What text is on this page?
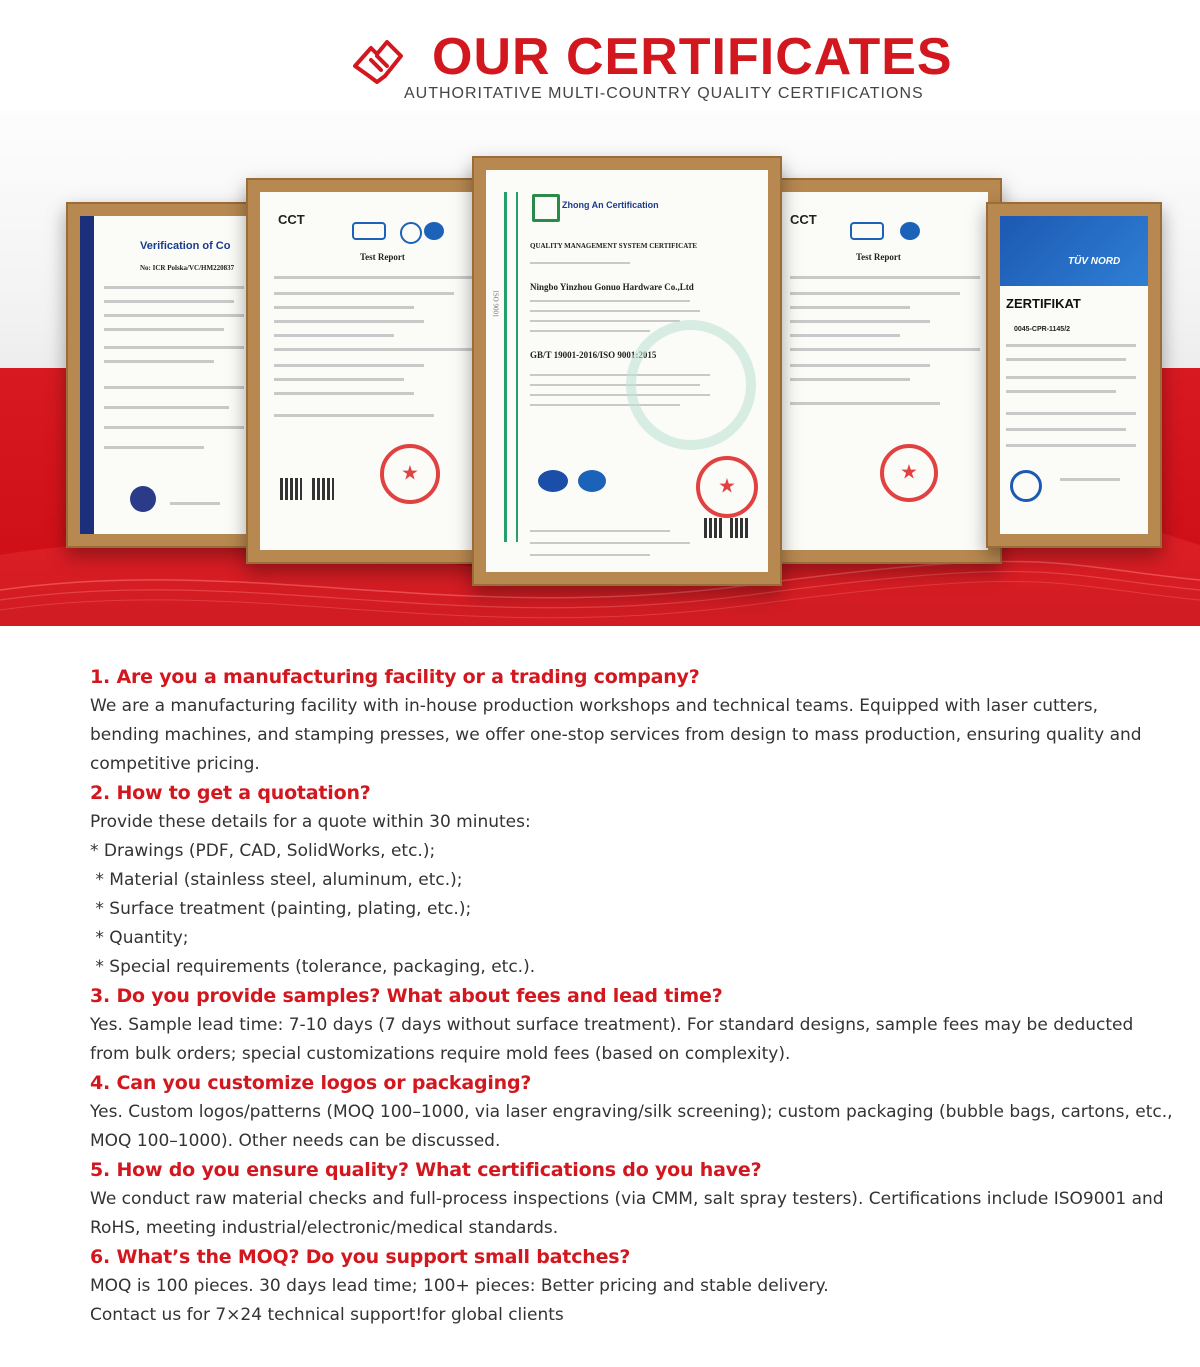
OUR CERTIFICATES
AUTHORITATIVE MULTI-COUNTRY QUALITY CERTIFICATIONS
Verification of Co
No: ICR Polska/VC/HM220837
CCT
Test Report
★
CCT
Test Report
★	TÜV NORD
ZERTIFIKAT
0045-CPR-1145/2
Zhong An Certification
QUALITY MANAGEMENT SYSTEM CERTIFICATE
Ningbo Yinzhou Gonuo Hardware Co.,Ltd
ISO 9001
GB/T 19001-2016/ISO 9001:2015
★

1. Are you a manufacturing facility or a trading company?

We are a manufacturing facility with in-house production workshops and technical teams. Equipped with laser cutters,

bending machines, and stamping presses, we offer one-stop services from design to mass production, ensuring quality and

competitive pricing.

2. How to get a quotation?

Provide these details for a quote within 30 minutes:

* Drawings (PDF, CAD, SolidWorks, etc.);

* Material (stainless steel, aluminum, etc.);

* Surface treatment (painting, plating, etc.);

* Quantity;

* Special requirements (tolerance, packaging, etc.).

3. Do you provide samples? What about fees and lead time?

Yes. Sample lead time: 7-10 days (7 days without surface treatment). For standard designs, sample fees may be deducted

from bulk orders; special customizations require mold fees (based on complexity).

4. Can you customize logos or packaging?

Yes. Custom logos/patterns (MOQ 100–1000, via laser engraving/silk screening); custom packaging (bubble bags, cartons, etc.,

MOQ 100–1000). Other needs can be discussed.

5. How do you ensure quality? What certifications do you have?

We conduct raw material checks and full-process inspections (via CMM, salt spray testers). Certifications include ISO9001 and

RoHS, meeting industrial/electronic/medical standards.

6. What’s the MOQ? Do you support small batches?

MOQ is 100 pieces. 30 days lead time; 100+ pieces: Better pricing and stable delivery.

Contact us for 7×24 technical support!for global clients
